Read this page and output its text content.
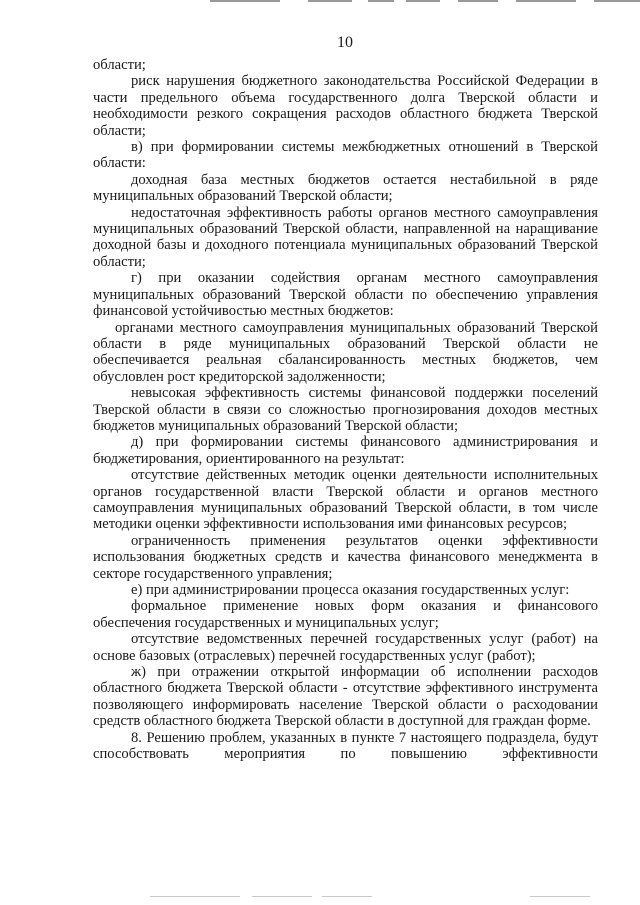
10

области;

риск нарушения бюджетного законодательства Российской Федерации в части предельного объема государственного долга Тверской области и необходимости резкого сокращения расходов областного бюджета Тверской области;

в) при формировании системы межбюджетных отношений в Тверской области:

доходная база местных бюджетов остается нестабильной в ряде муниципальных образований Тверской области;

недостаточная эффективность работы органов местного самоуправления муниципальных образований Тверской области, направленной на наращивание доходной базы и доходного потенциала муниципальных образований Тверской области;

г) при оказании содействия органам местного самоуправления муниципальных образований Тверской области по обеспечению управления финансовой устойчивостью местных бюджетов:

органами местного самоуправления муниципальных образований Тверской области в ряде муниципальных образований Тверской области не обеспечивается реальная сбалансированность местных бюджетов, чем обусловлен рост кредиторской задолженности;

невысокая эффективность системы финансовой поддержки поселений Тверской области в связи со сложностью прогнозирования доходов местных бюджетов муниципальных образований Тверской области;

д) при формировании системы финансового администрирования и бюджетирования, ориентированного на результат:

отсутствие действенных методик оценки деятельности исполнительных органов государственной власти Тверской области и органов местного самоуправления муниципальных образований Тверской области, в том числе методики оценки эффективности использования ими финансовых ресурсов;

ограниченность применения результатов оценки эффективности использования бюджетных средств и качества финансового менеджмента в секторе государственного управления;

е) при администрировании процесса оказания государственных услуг:

формальное применение новых форм оказания и финансового обеспечения государственных и муниципальных услуг;

отсутствие ведомственных перечней государственных услуг (работ) на основе базовых (отраслевых) перечней государственных услуг (работ);

ж) при отражении открытой информации об исполнении расходов областного бюджета Тверской области - отсутствие эффективного инструмента позволяющего информировать население Тверской области о расходовании средств областного бюджета Тверской области в доступной для граждан форме.

8. Решению проблем, указанных в пункте 7 настоящего подраздела, будут способствовать мероприятия по повышению эффективности
